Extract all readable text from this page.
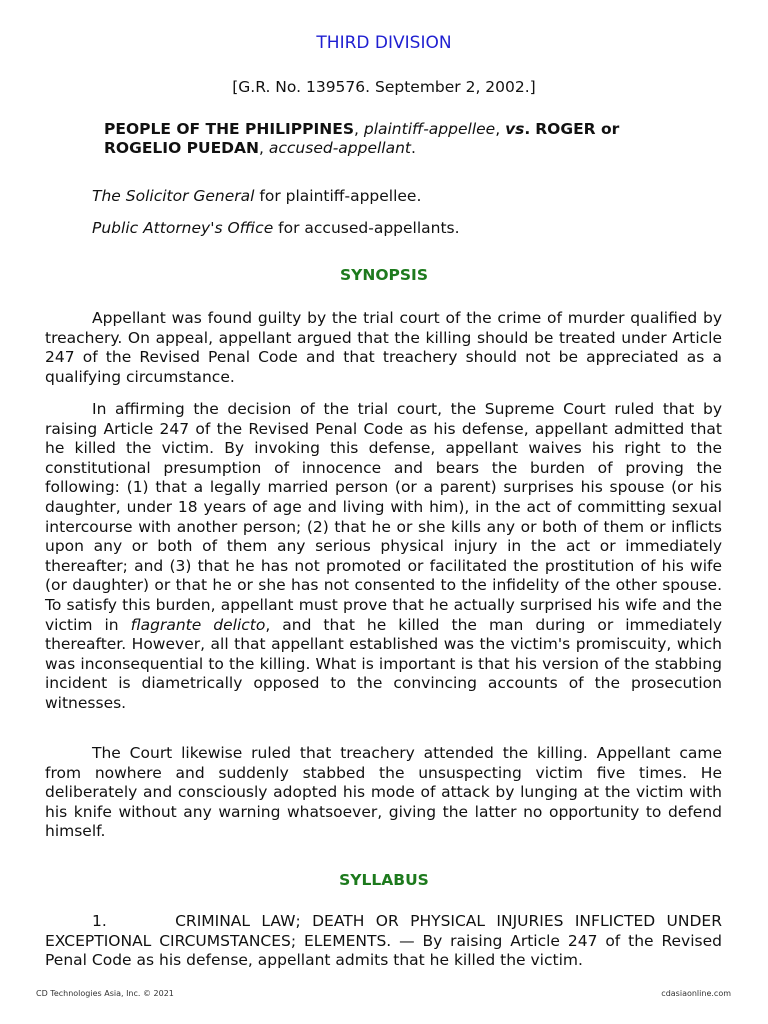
THIRD DIVISION
[G.R. No. 139576. September 2, 2002.]
PEOPLE OF THE PHILIPPINES, plaintiff-appellee, vs. ROGER or
ROGELIO PUEDAN, accused-appellant.
The Solicitor General for plaintiff-appellee.
Public Attorney's Office for accused-appellants.
SYNOPSIS

Appellant was found guilty by the trial court of the crime of murder qualified by treachery. On appeal, appellant argued that the killing should be treated under Article 247 of the Revised Penal Code and that treachery should not be appreciated as a qualifying circumstance.

In affirming the decision of the trial court, the Supreme Court ruled that by raising Article 247 of the Revised Penal Code as his defense, appellant admitted that he killed the victim. By invoking this defense, appellant waives his right to the constitutional presumption of innocence and bears the burden of proving the following: (1) that a legally married person (or a parent) surprises his spouse (or his daughter, under 18 years of age and living with him), in the act of committing sexual intercourse with another person; (2) that he or she kills any or both of them or inflicts upon any or both of them any serious physical injury in the act or immediately thereafter; and (3) that he has not promoted or facilitated the prostitution of his wife (or daughter) or that he or she has not consented to the infidelity of the other spouse. To satisfy this burden, appellant must prove that he actually surprised his wife and the victim in flagrante delicto, and that he killed the man during or immediately thereafter. However, all that appellant established was the victim's promiscuity, which was inconsequential to the killing. What is important is that his version of the stabbing incident is diametrically opposed to the convincing accounts of the prosecution witnesses.

The Court likewise ruled that treachery attended the killing. Appellant came from nowhere and suddenly stabbed the unsuspecting victim five times. He deliberately and consciously adopted his mode of attack by lunging at the victim with his knife without any warning whatsoever, giving the latter no opportunity to defend himself.

SYLLABUS

1.      CRIMINAL LAW; DEATH OR PHYSICAL INJURIES INFLICTED UNDER EXCEPTIONAL CIRCUMSTANCES; ELEMENTS. — By raising Article 247 of the Revised Penal Code as his defense, appellant admits that he killed the victim.

CD Technologies Asia, Inc. © 2021	cdasiaonline.com
